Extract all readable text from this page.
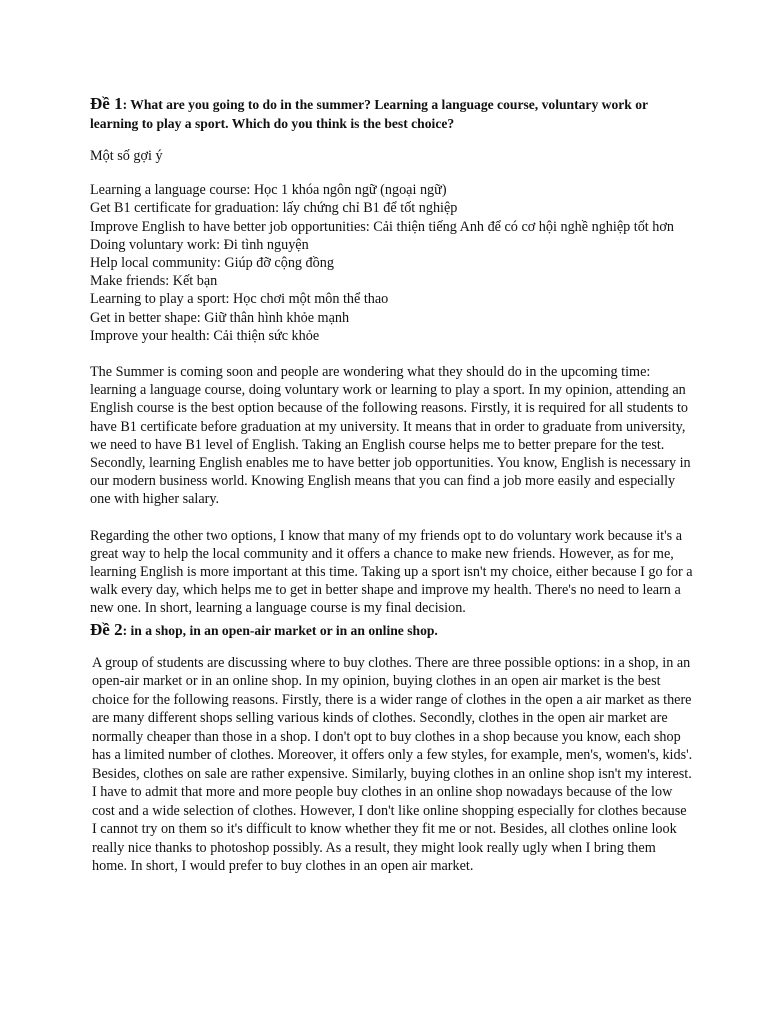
Đề 1: What are you going to do in the summer? Learning a language course, voluntary work or learning to play a sport. Which do you think is the best choice?

Một số gợi ý

Learning a language course: Học 1 khóa ngôn ngữ (ngoại ngữ)
Get B1 certificate for graduation: lấy chứng chỉ B1 để tốt nghiệp
Improve English to have better job opportunities: Cải thiện tiếng Anh để có cơ hội nghề nghiệp tốt hơn
Doing voluntary work: Đi tình nguyện
Help local community: Giúp đỡ cộng đồng
Make friends: Kết bạn
Learning to play a sport: Học chơi một môn thể thao
Get in better shape: Giữ thân hình khỏe mạnh
Improve your health: Cải thiện sức khỏe

The Summer is coming soon and people are wondering what they should do in the upcoming time: learning a language course, doing voluntary work or learning to play a sport. In my opinion, attending an English course is the best option because of the following reasons. Firstly, it is required for all students to have B1 certificate before graduation at my university. It means that in order to graduate from university, we need to have B1 level of English. Taking an English course helps me to better prepare for the test. Secondly, learning English enables me to have better job opportunities. You know, English is necessary in our modern business world. Knowing English means that you can find a job more easily and especially one with higher salary.

Regarding the other two options, I know that many of my friends opt to do voluntary work because it's a great way to help the local community and it offers a chance to make new friends. However, as for me, learning English is more important at this time. Taking up a sport isn't my choice, either because I go for a walk every day, which helps me to get in better shape and improve my health. There's no need to learn a new one. In short, learning a language course is my final decision.

Đề 2: in a shop, in an open-air market or in an online shop.

A group of students are discussing where to buy clothes. There are three possible options: in a shop, in an open-air market or in an online shop. In my opinion, buying clothes in an open air market is the best choice for the following reasons. Firstly, there is a wider range of clothes in the open a air market as there are many different shops selling various kinds of clothes. Secondly, clothes in the open air market are normally cheaper than those in a shop. I don't opt to buy clothes in a shop because you know, each shop has a limited number of clothes. Moreover, it offers only a few styles, for example, men's, women's, kids'. Besides, clothes on sale are rather expensive. Similarly, buying clothes in an online shop isn't my interest. I have to admit that more and more people buy clothes in an online shop nowadays because of the low cost and a wide selection of clothes. However, I don't like online shopping especially for clothes because I cannot try on them so it's difficult to know whether they fit me or not. Besides, all clothes online look really nice thanks to photoshop possibly. As a result, they might look really ugly when I bring them home. In short, I would prefer to buy clothes in an open air market.
